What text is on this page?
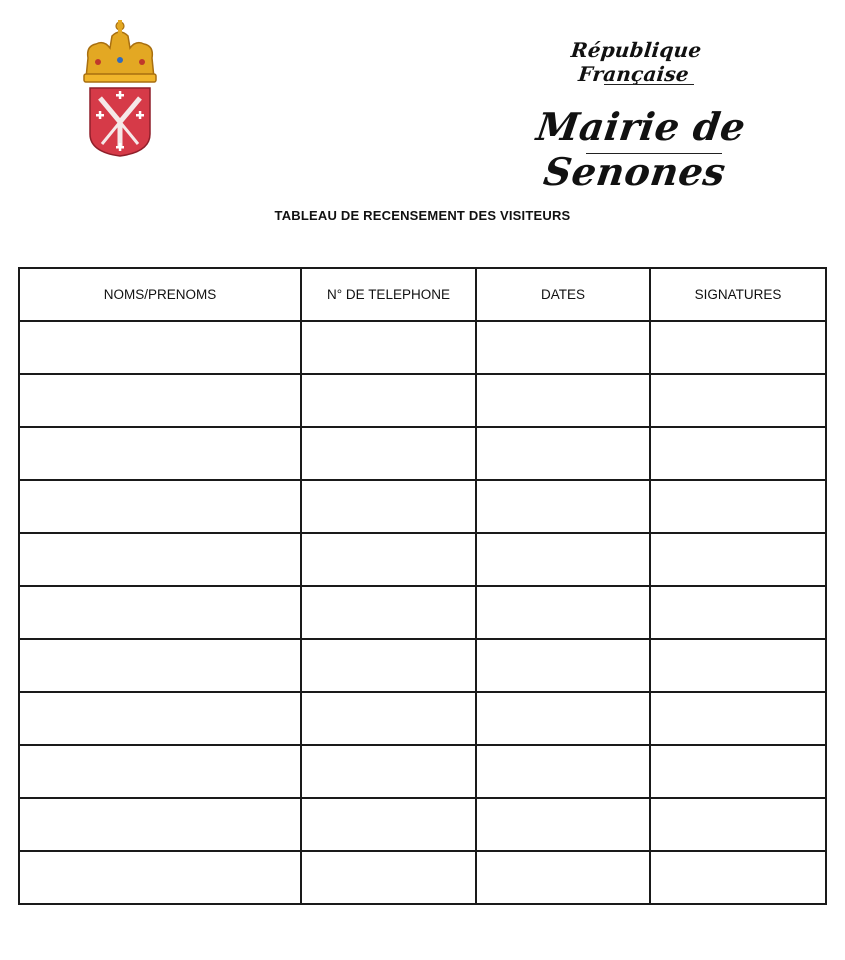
République Française
Mairie de Senones
TABLEAU DE RECENSEMENT DES VISITEURS
NOMS/PRENOMS	N° DE TELEPHONE	DATES	SIGNATURES
